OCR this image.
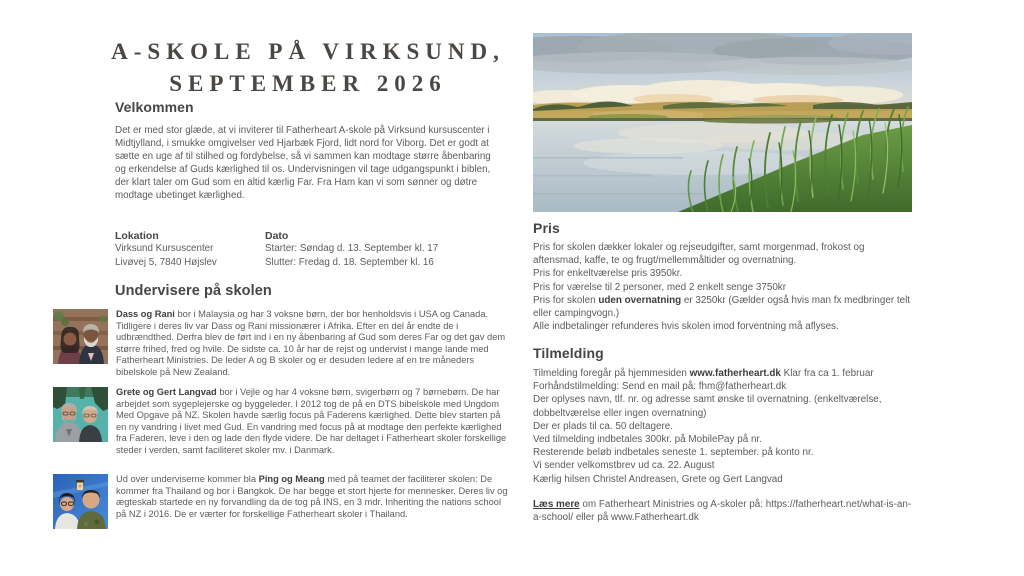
A-SKOLE PÅ VIRKSUND,
SEPTEMBER 2026
Velkommen

Det er med stor glæde, at vi inviterer til Fatherheart A-skole på Virksund kursuscenter i Midtjylland, i smukke omgivelser ved Hjarbæk Fjord, lidt nord for Viborg. Det er godt at sætte en uge af til stilhed og fordybelse, så vi sammen kan modtage større åbenbaring og erkendelse af Guds kærlighed til os. Undervisningen vil tage udgangspunkt i biblen, der klart taler om Gud som en altid kærlig Far. Fra Ham kan vi som sønner og døtre modtage ubetinget kærlighed.

Lokation
Virksund Kursuscenter
Livøvej 5, 7840 Højslev
Dato
Starter: Søndag d. 13. September kl. 17
Slutter: Fredag d. 18. September kl. 16
Undervisere på skolen

Dass og Rani bor i Malaysia og har 3 voksne børn, der bor henholdsvis i USA og Canada. Tidligere i deres liv var Dass og Rani missionærer i Afrika. Efter en del år endte de i udbrændthed. Derfra blev de ført ind i en ny åbenbaring af Gud som deres Far og det gav dem større frihed, fred og hvile. De sidste ca. 10 år har de rejst og undervist i mange lande med Fatherheart Ministries. De leder A og B skoler og er desuden ledere af en tre måneders bibelskole på New Zealand.

Grete og Gert Langvad bor i Vejle og har 4 voksne børn, svigerbørn og 7 børnebørn. De har arbejdet som sygeplejerske og byggeleder. I 2012 tog de på en DTS bibelskole med Ungdom Med Opgave på NZ. Skolen havde særlig focus på Faderens kærlighed. Dette blev starten på en ny vandring i livet med Gud. En vandring med focus på at modtage den perfekte kærlighed fra Faderen, leve i den og lade den flyde videre. De har deltaget i Fatherheart skoler forskellige steder i verden, samt faciliteret skoler mv. i Danmark.

Ud over underviserne kommer bla Ping og Meang med på teamet der faciliterer skolen: De kommer fra Thailand og bor i Bangkok. De har begge et stort hjerte for mennesker. Deres liv og ægteskab startede en ny forvandling da de tog på INS, en 3 mdr. Inheriting the nations school på NZ i 2016. De er værter for forskellige Fatherheart skoler i Thailand.

Pris

Pris for skolen dækker lokaler og rejseudgifter, samt morgenmad, frokost og aftensmad, kaffe, te og frugt/mellemmåltider og overnatning.

Pris for enkeltværelse pris 3950kr.

Pris for værelse til 2 personer, med 2 enkelt senge 3750kr

Pris for skolen uden overnatning er 3250kr (Gælder også hvis man fx medbringer telt eller campingvogn.)

Alle indbetalinger refunderes hvis skolen imod forventning må aflyses.

Tilmelding

Tilmelding foregår på hjemmesiden www.fatherheart.dk Klar fra ca 1. februar

Forhåndstilmelding: Send en mail på: fhm@fatherheart.dk

Der oplyses navn, tlf. nr. og adresse samt ønske til overnatning. (enkeltværelse, dobbeltværelse eller ingen overnatning)

Der er plads til ca. 50 deltagere.

Ved tilmelding indbetales 300kr. på MobilePay på nr.

Resterende beløb indbetales seneste 1. september. på konto nr.

Vi sender velkomstbrev ud ca. 22. August

Kærlig hilsen Christel Andreasen, Grete og Gert Langvad

Læs mere om Fatherheart Ministries og A-skoler på: https://fatherheart.net/what-is-an-a-school/ eller på www.Fatherheart.dk
